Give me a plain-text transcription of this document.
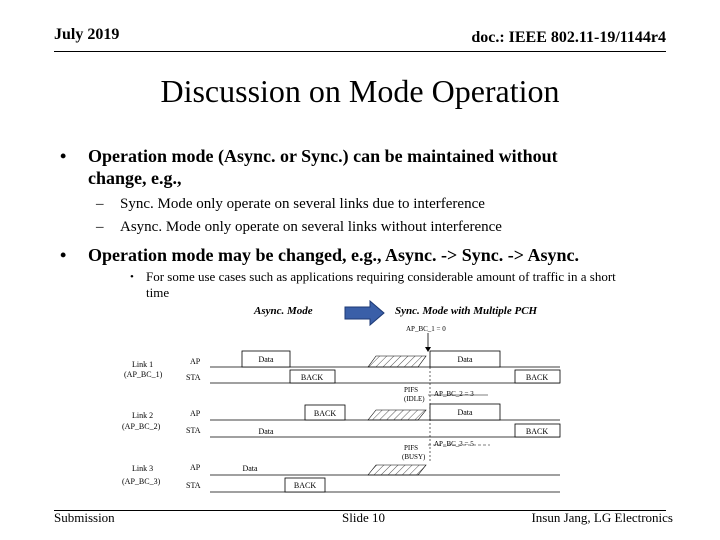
July 2019	doc.: IEEE 802.11-19/1144r4
Discussion on Mode Operation
• Operation mode (Async. or Sync.) can be maintained without
change, e.g.,
– Sync. Mode only operate on several links due to interference
– Async. Mode only operate on several links without interference
• Operation mode may be changed, e.g., Async. -> Sync. -> Async.
• For some use cases such as applications requiring considerable amount of traffic in a short
time
Async. Mode	Sync. Mode with Multiple PCH
AP_BC_1 = 0
Link 1
(AP_BC_1)
Link 2
(AP_BC_2)
Link 3
(AP_BC_3)
AP
STA
AP
STA
AP
STA
Data
BACK
Data
BACK
PIFS
(IDLE)
AP_BC_2 = 3
BACK
Data
Data
BACK
PIFS
(BUSY)
AP_BC_3 = 5
Data
BACK
Submission	Slide 10	Insun Jang, LG Electronics
